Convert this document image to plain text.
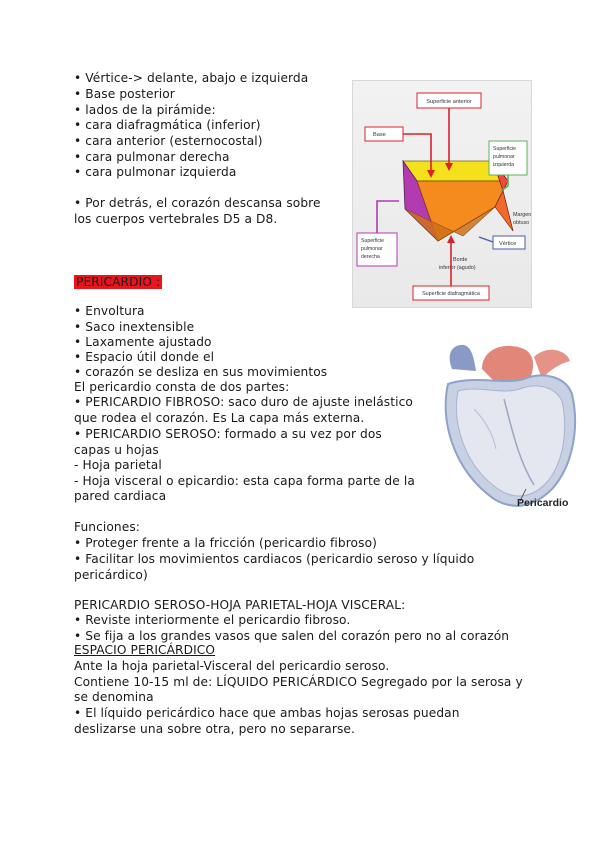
• Vértice-> delante, abajo e izquierda

• Base posterior

• lados de la pirámide:

• cara diafragmática (inferior)

• cara anterior (esternocostal)

• cara pulmonar derecha

• cara pulmonar izquierda

• Por detrás, el corazón descansa sobre

los cuerpos vertebrales D5 a D8.

Superficie anterior
Base
Superficie
pulmonar
izquierda
Margen
obtuso
Vértice
Superficie
pulmonar
derecha	Borde
inferior (agudo)
Superficie diafragmática

PERICARDIO :

• Envoltura

• Saco inextensible

• Laxamente ajustado

• Espacio útil donde el

• corazón se desliza en sus movimientos

El pericardio consta de dos partes:

• PERICARDIO FIBROSO: saco duro de ajuste inelástico

que rodea el corazón. Es La capa más externa.

• PERICARDIO SEROSO: formado a su vez por dos

capas u hojas

- Hoja parietal

- Hoja visceral o epicardio: esta capa forma parte de la

pared cardiaca	Pericardio

Funciones:

• Proteger frente a la fricción (pericardio fibroso)

• Facilitar los movimientos cardiacos (pericardio seroso y líquido

pericárdico)

PERICARDIO SEROSO-HOJA PARIETAL-HOJA VISCERAL:

• Reviste interiormente el pericardio fibroso.

• Se fija a los grandes vasos que salen del corazón pero no al corazón

ESPACIO PERICÁRDICO

Ante la hoja parietal-Visceral del pericardio seroso.

Contiene 10-15 ml de: LÍQUIDO PERICÁRDICO Segregado por la serosa y

se denomina

• El líquido pericárdico hace que ambas hojas serosas puedan

deslizarse una sobre otra, pero no separarse.
